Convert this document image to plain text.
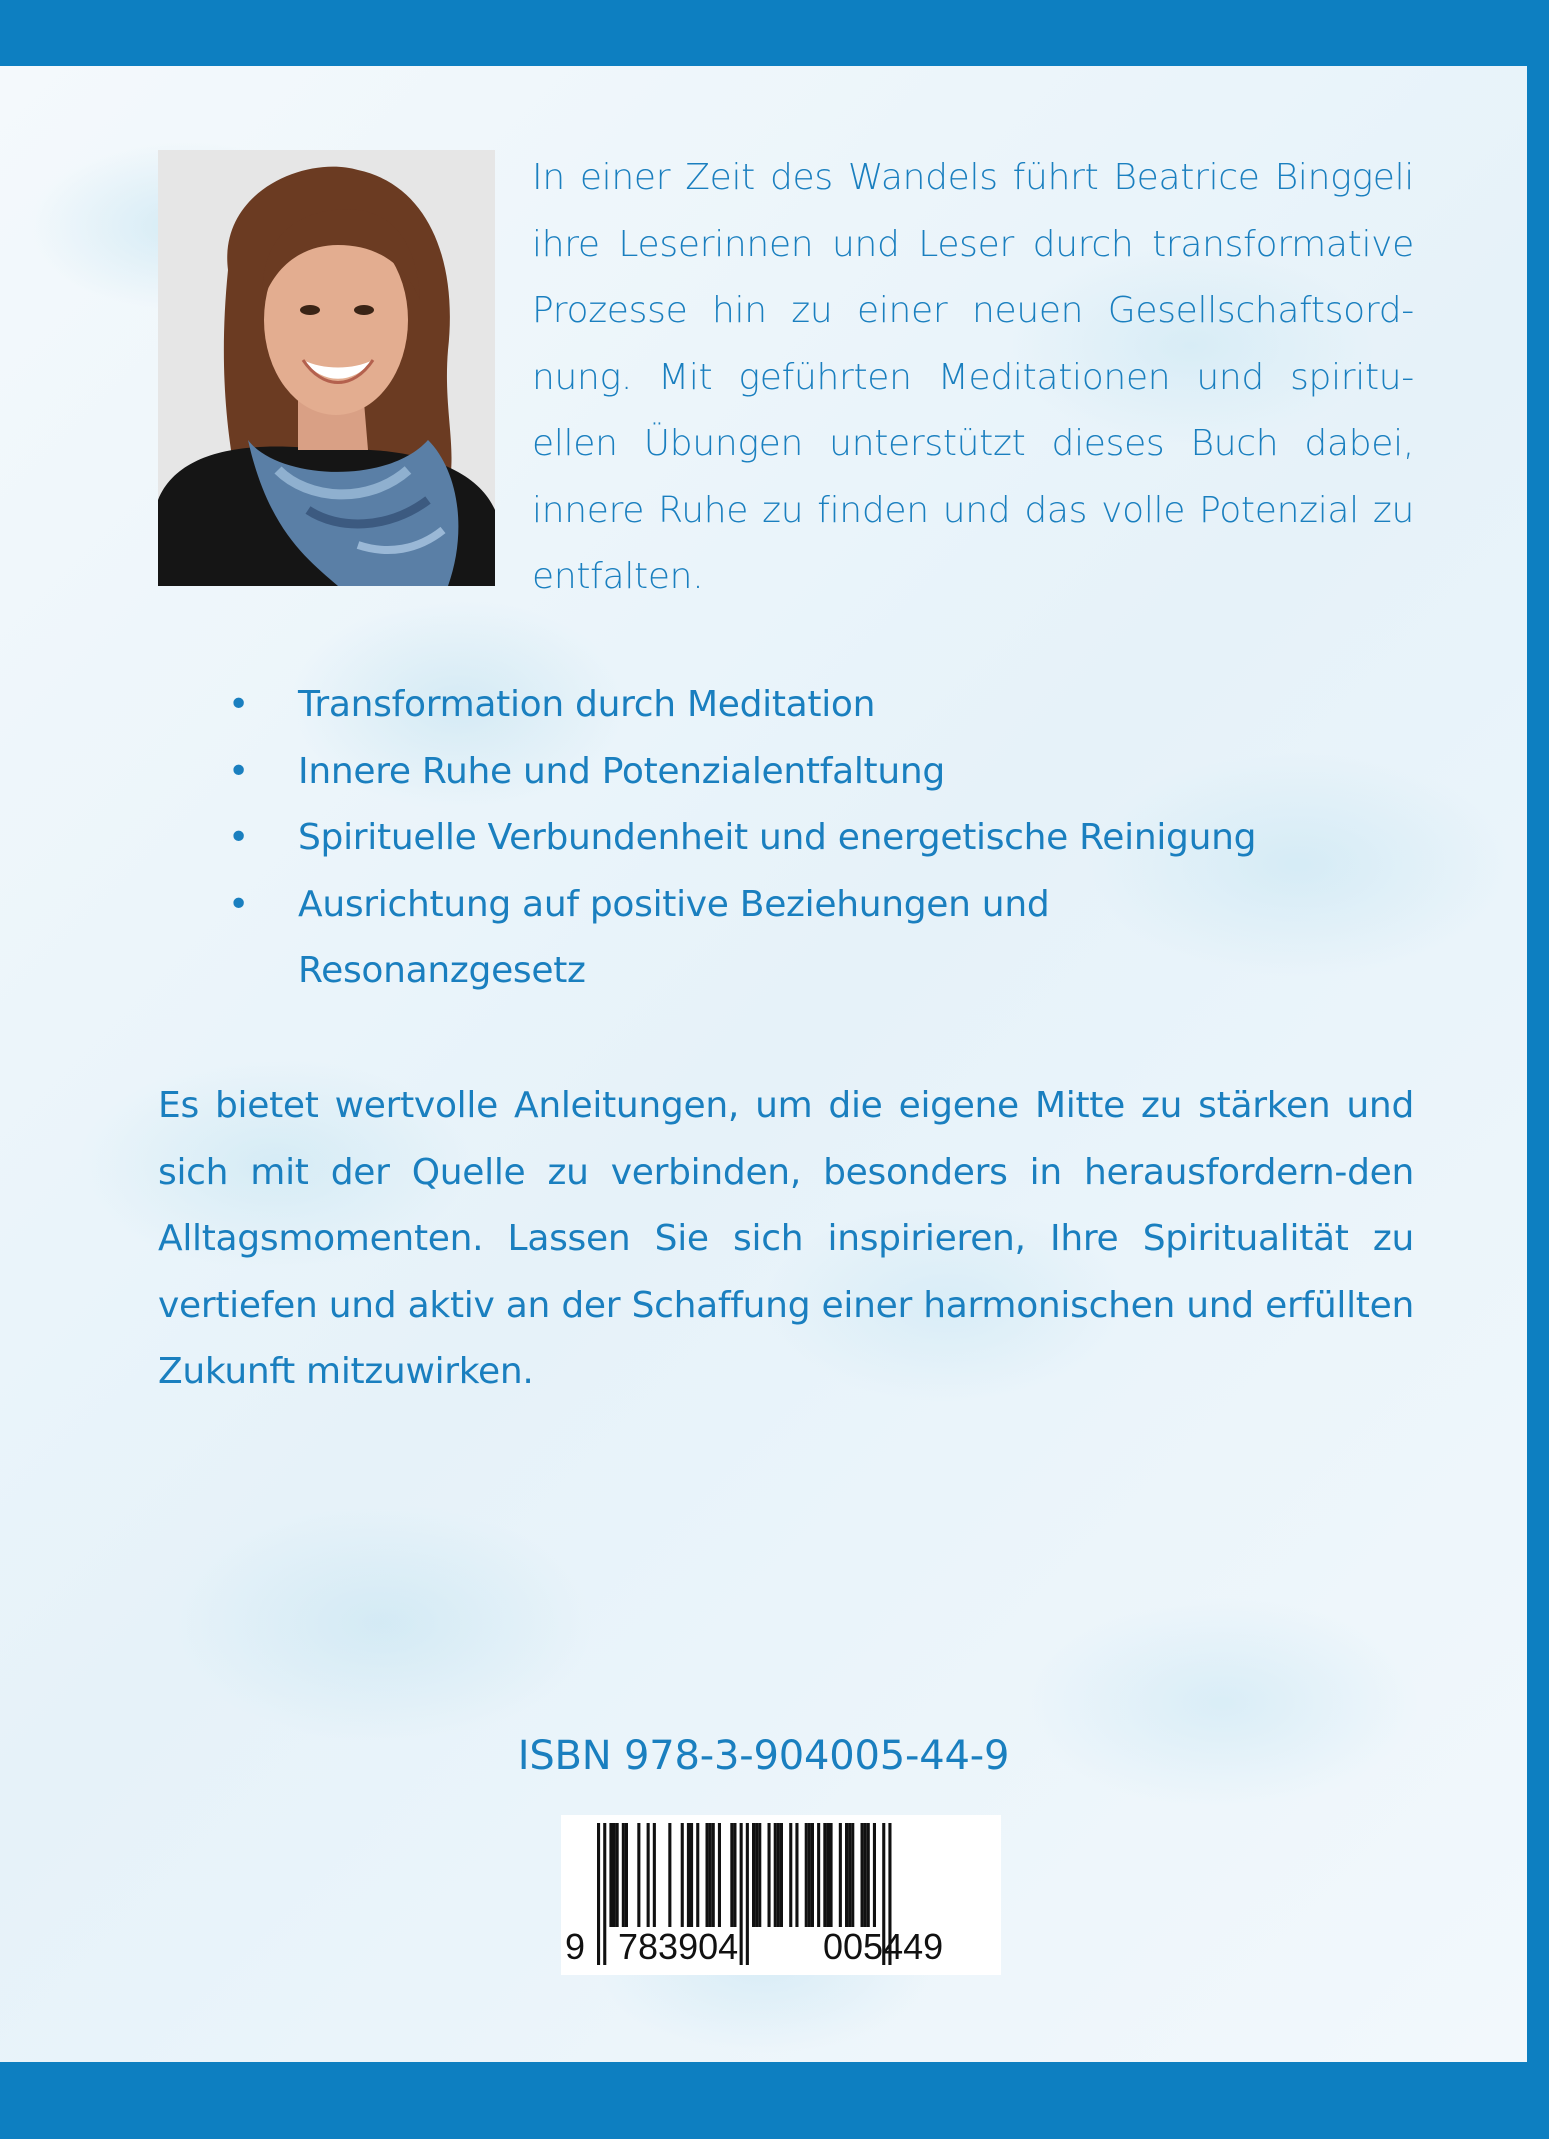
In einer Zeit des Wandels führt Beatrice Binggeli ihre Leserinnen und Leser durch transformative Prozesse hin zu einer neuen Gesellschaftsord-nung. Mit geführten Meditationen und spiritu-ellen Übungen unterstützt dieses Buch dabei, innere Ruhe zu finden und das volle Potenzial zu entfalten.
• Transformation durch Meditation
• Innere Ruhe und Potenzialentfaltung
• Spirituelle Verbundenheit und energetische Reinigung
• Ausrichtung auf positive Beziehungen und Resonanzgesetz
Es bietet wertvolle Anleitungen, um die eigene Mitte zu stärken und sich mit der Quelle zu verbinden, besonders in herausfordern-den Alltagsmomenten. Lassen Sie sich inspirieren, Ihre Spiritualität zu vertiefen und aktiv an der Schaffung einer harmonischen und erfüllten Zukunft mitzuwirken.
ISBN 978-3-904005-44-9
9 783904 005449
